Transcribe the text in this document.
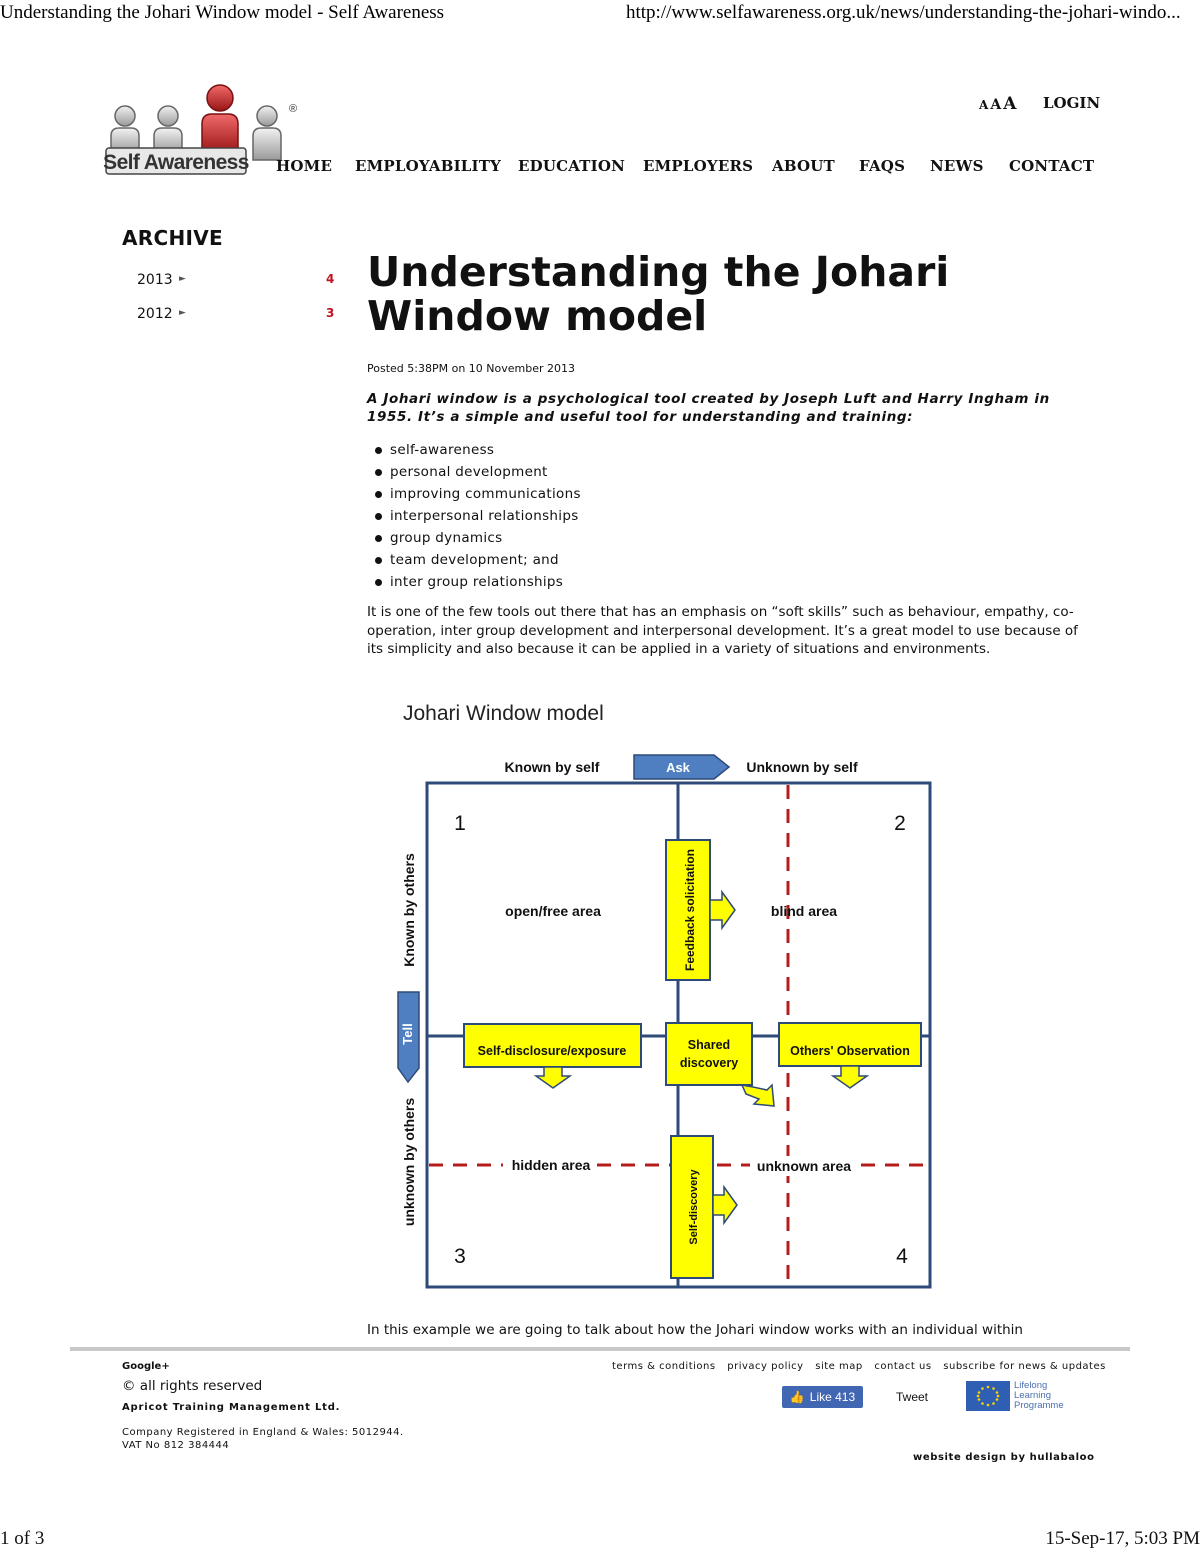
Understanding the Johari Window model - Self Awareness	http://www.selfawareness.org.uk/news/understanding-the-johari-windo...
Self Awareness
®	A A A LOGIN
HOME EMPLOYABILITY EDUCATION EMPLOYERS ABOUT FAQS NEWS CONTACT
ARCHIVE
2013 ►	4
2012 ►	3
Understanding the Johari Window model
Posted 5:38PM on 10 November 2013

A Johari window is a psychological tool created by Joseph Luft and Harry Ingham in 1955. It’s a simple and useful tool for understanding and training:

self-awareness
personal development
improving communications
interpersonal relationships
group dynamics
team development; and
inter group relationships

It is one of the few tools out there that has an emphasis on “soft skills” such as behaviour, empathy, co-operation, inter group development and interpersonal development. It’s a great model to use because of its simplicity and also because it can be applied in a variety of situations and environments.

Johari Window model
Known by self	Ask	Unknown by self
Known by others
Tell
unknown by others
1	2
3	4
open/free area	blind area
hidden area	unknown area
Feedback solicitation
Self-disclosure/exposure	Shared
discovery
Others' Observation
Self-discovery

In this example we are going to talk about how the Johari window works with an individual within

Google+
© all rights reserved
Apricot Training Management Ltd.
Company Registered in England & Wales: 5012944.
VAT No 812 384444
terms & conditions privacy policy site map contact us subscribe for news & updates
👍 Like 413	Tweet
Lifelong
Learning
Programme
website design by hullabaloo
1 of 3	15-Sep-17, 5:03 PM
